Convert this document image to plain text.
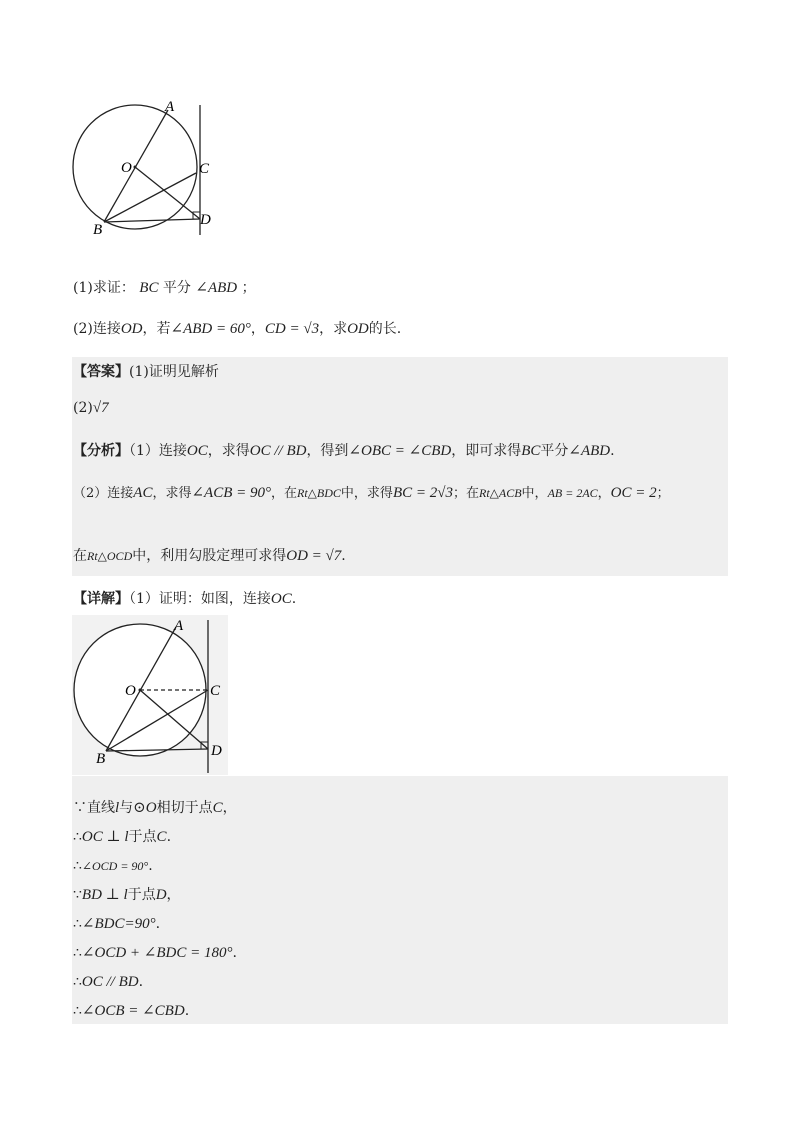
A
O	C
B
D
(1)求证： BC 平分 ∠ABD ；
(2)连接OD，若∠ABD = 60°，CD = √3，求OD的长.
【答案】(1)证明见解析
(2)√7
【分析】（1）连接OC，求得OC // BD，得到∠OBC = ∠CBD，即可求得BC平分∠ABD.
（2）连接AC，求得∠ACB = 90°，在Rt△BDC中，求得BC = 2√3；在Rt△ACB中，AB = 2AC，OC = 2；
在Rt△OCD中，利用勾股定理可求得OD = √7.
【详解】（1）证明：如图，连接OC.
A
O	C
B	D
∵直线l与⊙O相切于点C，
∴OC ⊥ l于点C.
∴∠OCD = 90°.
∵BD ⊥ l于点D，
∴∠BDC=90°.
∴∠OCD + ∠BDC = 180°.
∴OC // BD.
∴∠OCB = ∠CBD.
